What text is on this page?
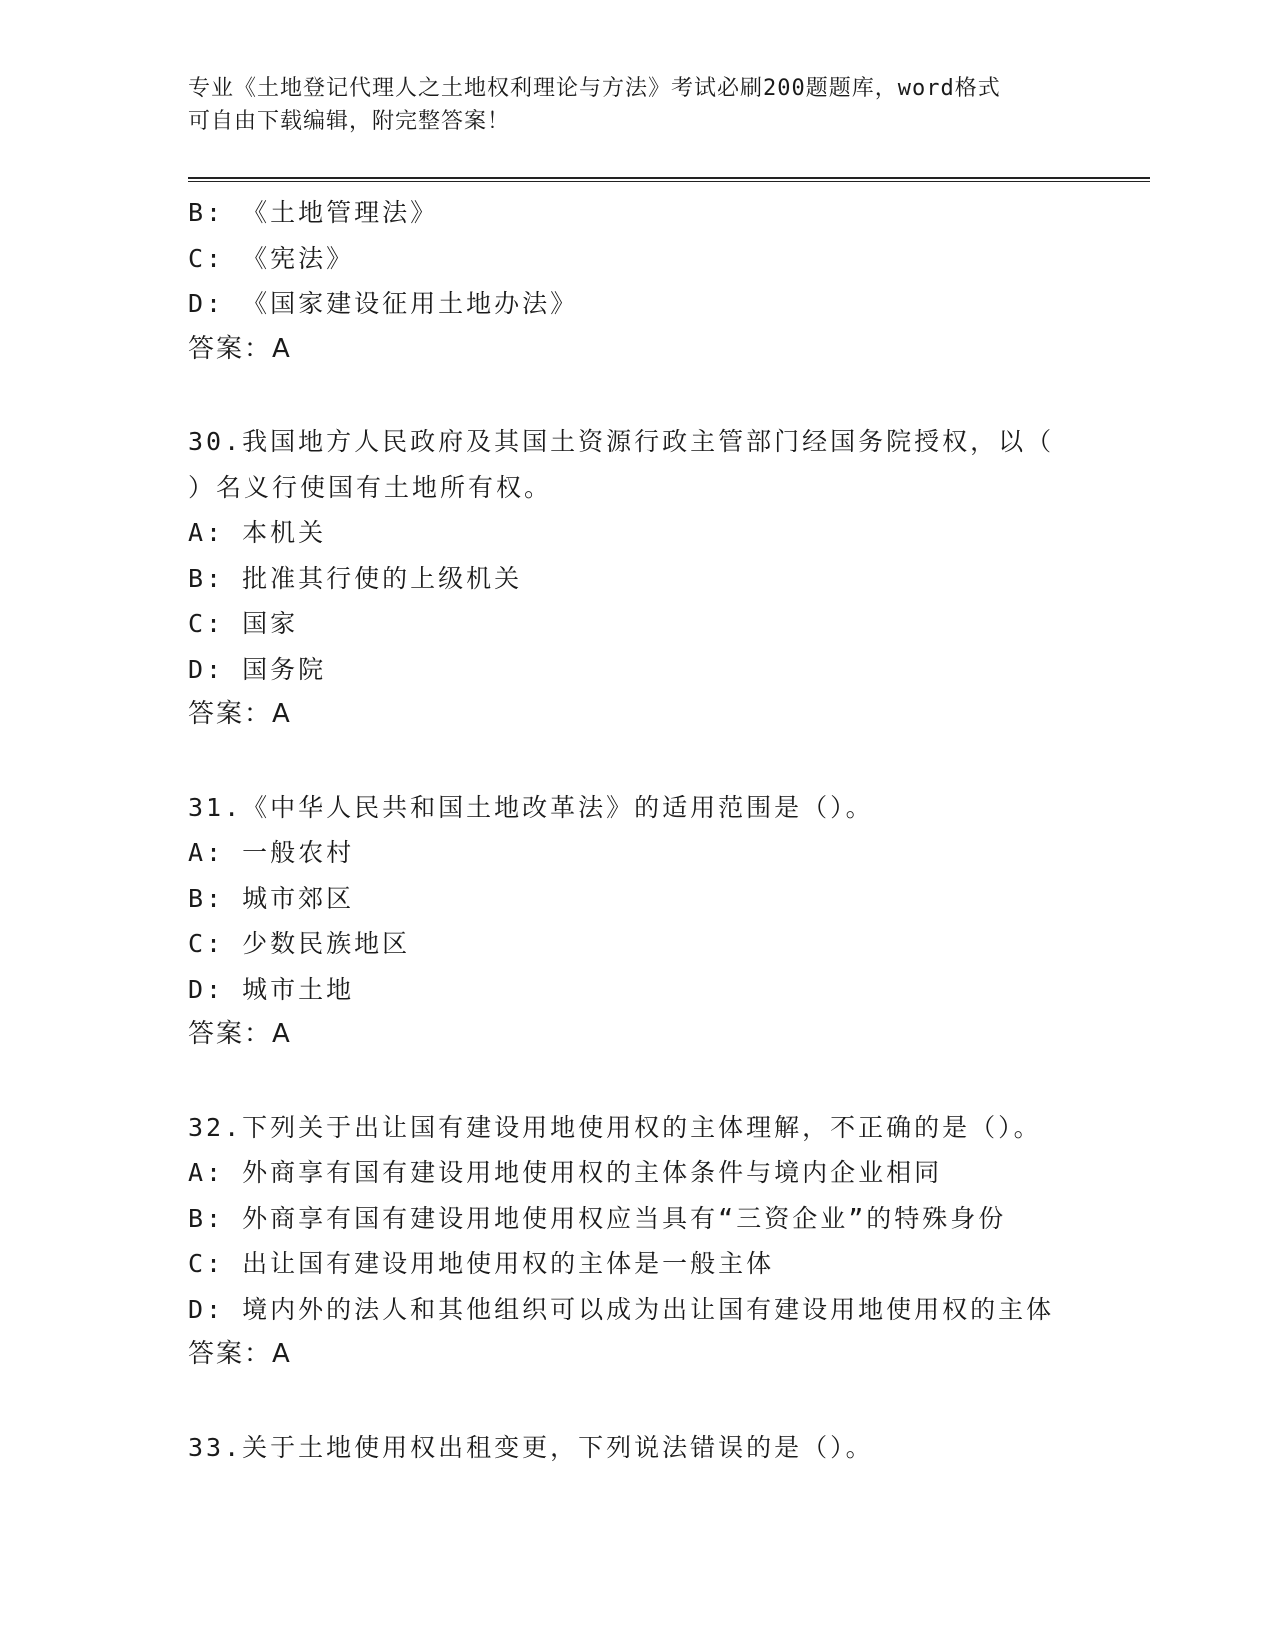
专业《土地登记代理人之土地权利理论与方法》考试必刷200题题库，word格式
可自由下载编辑，附完整答案！
B: 《土地管理法》
C: 《宪法》
D: 《国家建设征用土地办法》
答案：A
30.我国地方人民政府及其国土资源行政主管部门经国务院授权，以（
）名义行使国有土地所有权。
A: 本机关
B: 批准其行使的上级机关
C: 国家
D: 国务院
答案：A
31.《中华人民共和国土地改革法》的适用范围是（）。
A: 一般农村
B: 城市郊区
C: 少数民族地区
D: 城市土地
答案：A
32.下列关于出让国有建设用地使用权的主体理解，不正确的是（）。
A: 外商享有国有建设用地使用权的主体条件与境内企业相同
B: 外商享有国有建设用地使用权应当具有“三资企业”的特殊身份
C: 出让国有建设用地使用权的主体是一般主体
D: 境内外的法人和其他组织可以成为出让国有建设用地使用权的主体
答案：A
33.关于土地使用权出租变更，下列说法错误的是（）。
